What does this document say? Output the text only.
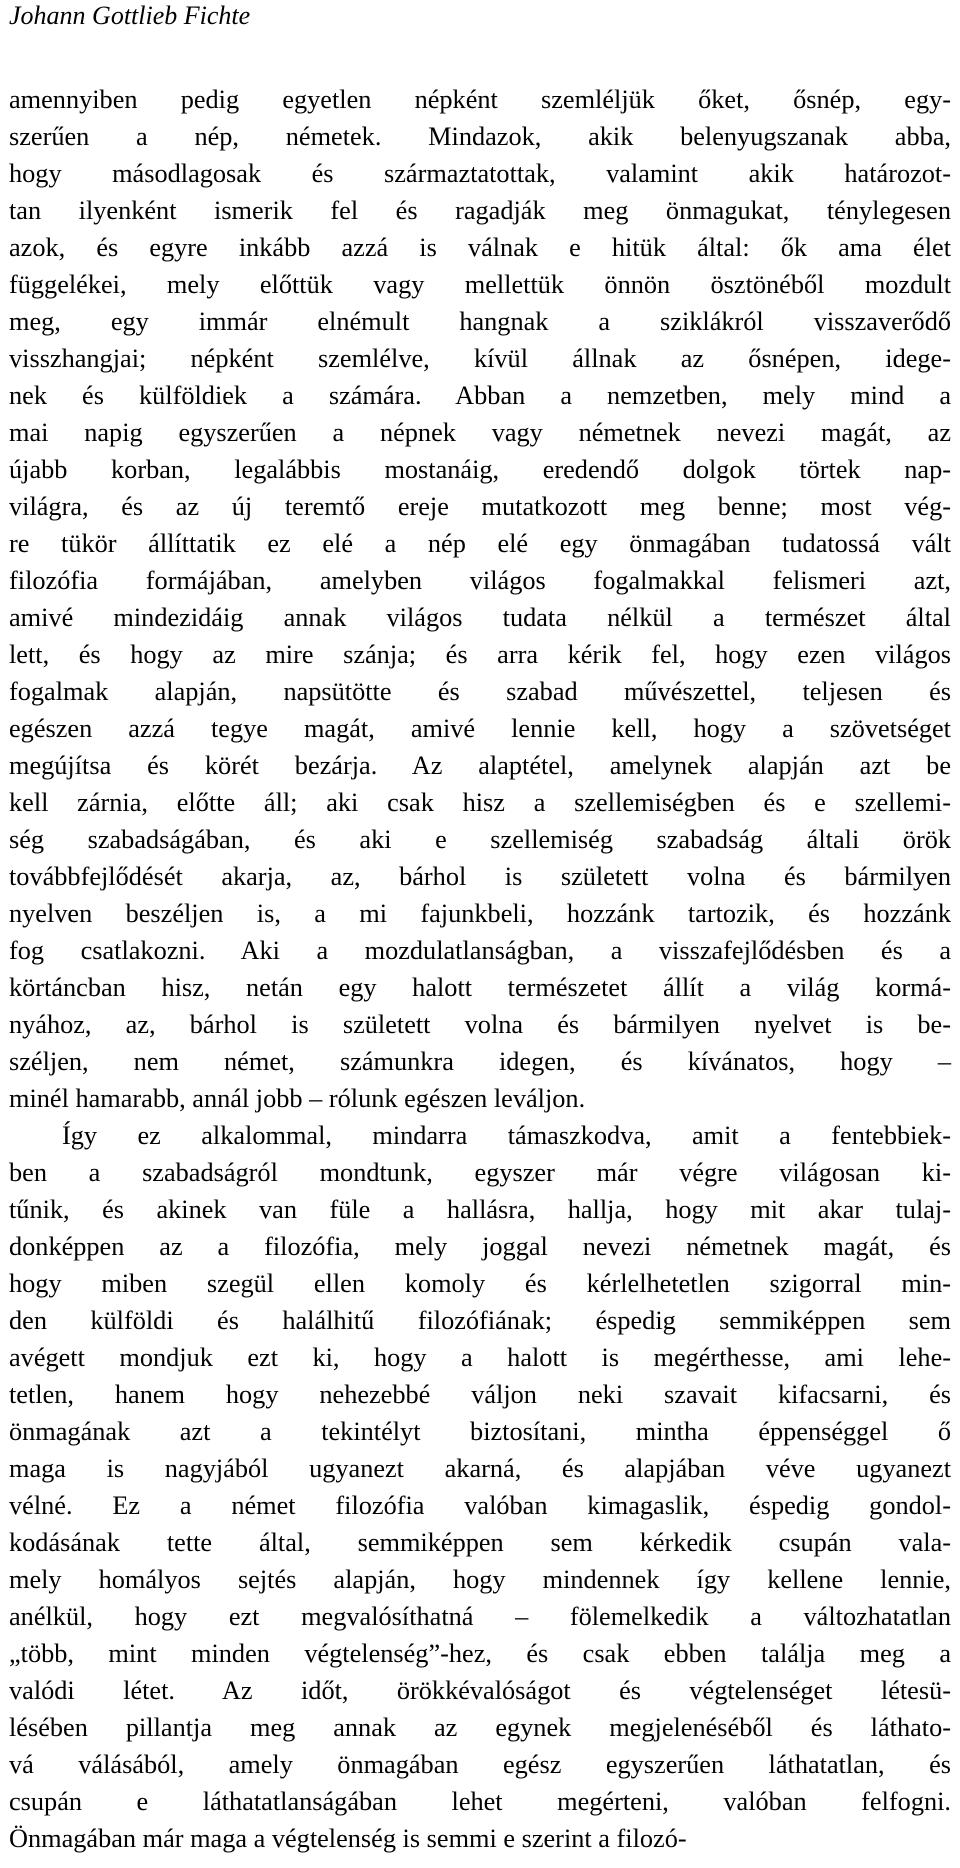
Johann Gottlieb Fichte
amennyiben pedig egyetlen népként szemléljük őket, ősnép, egy-
szerűen a nép, németek. Mindazok, akik belenyugszanak abba,
hogy másodlagosak és származtatottak, valamint akik határozot-
tan ilyenként ismerik fel és ragadják meg önmagukat, ténylegesen
azok, és egyre inkább azzá is válnak e hitük által: ők ama élet
függelékei, mely előttük vagy mellettük önnön ösztönéből mozdult
meg, egy immár elnémult hangnak a sziklákról visszaverődő
visszhangjai; népként szemlélve, kívül állnak az ősnépen, idege-
nek és külföldiek a számára. Abban a nemzetben, mely mind a
mai napig egyszerűen a népnek vagy németnek nevezi magát, az
újabb korban, legalábbis mostanáig, eredendő dolgok törtek nap-
világra, és az új teremtő ereje mutatkozott meg benne; most vég-
re tükör állíttatik ez elé a nép elé egy önmagában tudatossá vált
filozófia formájában, amelyben világos fogalmakkal felismeri azt,
amivé mindezidáig annak világos tudata nélkül a természet által
lett, és hogy az mire szánja; és arra kérik fel, hogy ezen világos
fogalmak alapján, napsütötte és szabad művészettel, teljesen és
egészen azzá tegye magát, amivé lennie kell, hogy a szövetséget
megújítsa és körét bezárja. Az alaptétel, amelynek alapján azt be
kell zárnia, előtte áll; aki csak hisz a szellemiségben és e szellemi-
ség szabadságában, és aki e szellemiség szabadság általi örök
továbbfejlődését akarja, az, bárhol is született volna és bármilyen
nyelven beszéljen is, a mi fajunkbeli, hozzánk tartozik, és hozzánk
fog csatlakozni. Aki a mozdulatlanságban, a visszafejlődésben és a
körtáncban hisz, netán egy halott természetet állít a világ kormá-
nyához, az, bárhol is született volna és bármilyen nyelvet is be-
széljen, nem német, számunkra idegen, és kívánatos, hogy –
minél hamarabb, annál jobb – rólunk egészen leváljon.
Így ez alkalommal, mindarra támaszkodva, amit a fentebbiek-
ben a szabadságról mondtunk, egyszer már végre világosan ki-
tűnik, és akinek van füle a hallásra, hallja, hogy mit akar tulaj-
donképpen az a filozófia, mely joggal nevezi németnek magát, és
hogy miben szegül ellen komoly és kérlelhetetlen szigorral min-
den külföldi és halálhitű filozófiának; éspedig semmiképpen sem
avégett mondjuk ezt ki, hogy a halott is megérthesse, ami lehe-
tetlen, hanem hogy nehezebbé váljon neki szavait kifacsarni, és
önmagának azt a tekintélyt biztosítani, mintha éppenséggel ő
maga is nagyjából ugyanezt akarná, és alapjában véve ugyanezt
vélné. Ez a német filozófia valóban kimagaslik, éspedig gondol-
kodásának tette által, semmiképpen sem kérkedik csupán vala-
mely homályos sejtés alapján, hogy mindennek így kellene lennie,
anélkül, hogy ezt megvalósíthatná – fölemelkedik a változhatatlan
„több, mint minden végtelenség”-hez, és csak ebben találja meg a
valódi létet. Az időt, örökkévalóságot és végtelenséget létesü-
lésében pillantja meg annak az egynek megjelenéséből és láthato-
vá válásából, amely önmagában egész egyszerűen láthatatlan, és
csupán e láthatatlanságában lehet megérteni, valóban felfogni.
Önmagában már maga a végtelenség is semmi e szerint a filozó-
